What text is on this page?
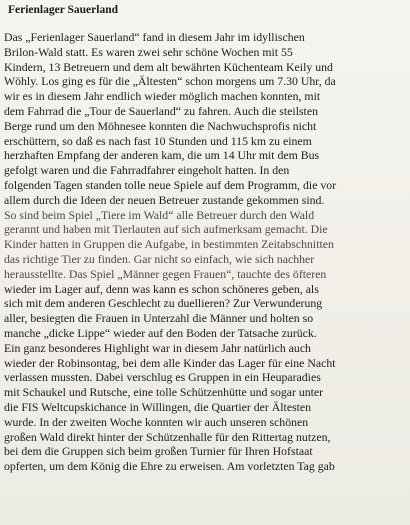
Ferienlager Sauerland
Das „Ferienlager Sauerland“ fand in diesem Jahr im idyllischen
Brilon-Wald statt. Es waren zwei sehr schöne Wochen mit 55
Kindern, 13 Betreuern und dem alt bewährten Küchenteam Keily und
Wöhly. Los ging es für die „Ältesten“ schon morgens um 7.30 Uhr, da
wir es in diesem Jahr endlich wieder möglich machen konnten, mit
dem Fahrrad die „Tour de Sauerland“ zu fahren. Auch die steilsten
Berge rund um den Möhnesee konnten die Nachwuchsprofis nicht
erschüttern, so daß es nach fast 10 Stunden und 115 km zu einem
herzhaften Empfang der anderen kam, die um 14 Uhr mit dem Bus
gefolgt waren und die Fahrradfahrer eingeholt hatten. In den
folgenden Tagen standen tolle neue Spiele auf dem Programm, die vor
allem durch die Ideen der neuen Betreuer zustande gekommen sind.
So sind beim Spiel „Tiere im Wald“ alle Betreuer durch den Wald
gerannt und haben mit Tierlauten auf sich aufmerksam gemacht. Die
Kinder hatten in Gruppen die Aufgabe, in bestimmten Zeitabschnitten
das richtige Tier zu finden. Gar nicht so einfach, wie sich nachher
herausstellte. Das Spiel „Männer gegen Frauen“, tauchte des öfteren
wieder im Lager auf, denn was kann es schon schöneres geben, als
sich mit dem anderen Geschlecht zu duellieren? Zur Verwunderung
aller, besiegten die Frauen in Unterzahl die Männer und holten so
manche „dicke Lippe“ wieder auf den Boden der Tatsache zurück.
Ein ganz besonderes Highlight war in diesem Jahr natürlich auch
wieder der Robinsontag, bei dem alle Kinder das Lager für eine Nacht
verlassen mussten. Dabei verschlug es Gruppen in ein Heuparadies
mit Schaukel und Rutsche, eine tolle Schützenhütte und sogar unter
die FIS Weltcupskichance in Willingen, die Quartier der Ältesten
wurde. In der zweiten Woche konnten wir auch unseren schönen
großen Wald direkt hinter der Schützenhalle für den Rittertag nutzen,
bei dem die Gruppen sich beim großen Turnier für Ihren Hofstaat
opferten, um dem König die Ehre zu erweisen. Am vorletzten Tag gab
